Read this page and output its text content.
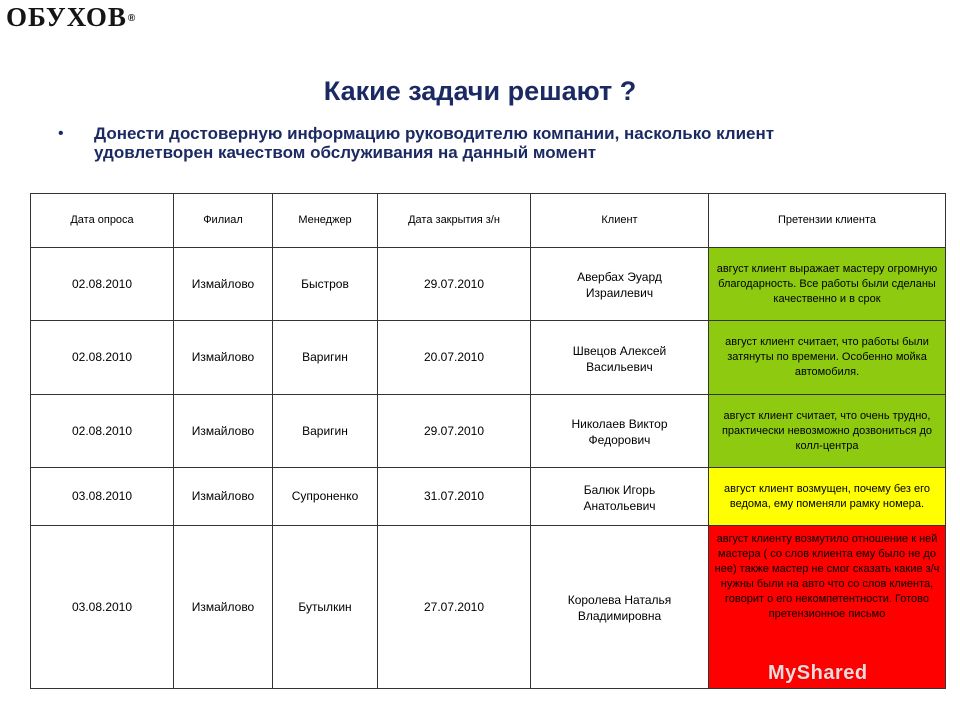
ОБУХОВ®
Какие задачи решают ?
• Донести достоверную информацию руководителю компании, насколько клиент удовлетворен качеством обслуживания на данный момент
Дата опроса	Филиал	Менеджер	Дата закрытия з/н	Клиент	Претензии клиента
02.08.2010	Измайлово	Быстров	29.07.2010	Авербах Эуард Израилевич	август клиент выражает мастеру огромную благодарность. Все работы были сделаны качественно и в срок
02.08.2010	Измайлово	Варигин	20.07.2010	Швецов Алексей Васильевич	август клиент считает, что работы были затянуты по времени. Особенно мойка автомобиля.
02.08.2010	Измайлово	Варигин	29.07.2010	Николаев Виктор Федорович	август клиент считает, что очень трудно, практически невозможно дозвониться до колл-центра
03.08.2010	Измайлово	Супроненко	31.07.2010	Балюк Игорь Анатольевич	август клиент возмущен, почему без его ведома, ему поменяли рамку номера.
03.08.2010	Измайлово	Бутылкин	27.07.2010	Королева Наталья Владимировна	август клиенту возмутило отношение к ней мастера ( со слов клиента ему было не до нее) также мастер не смог сказать какие з/ч нужны были на авто что со слов клиента, говорит о его некомпетентности. Готово претензионное письмо
MyShared
